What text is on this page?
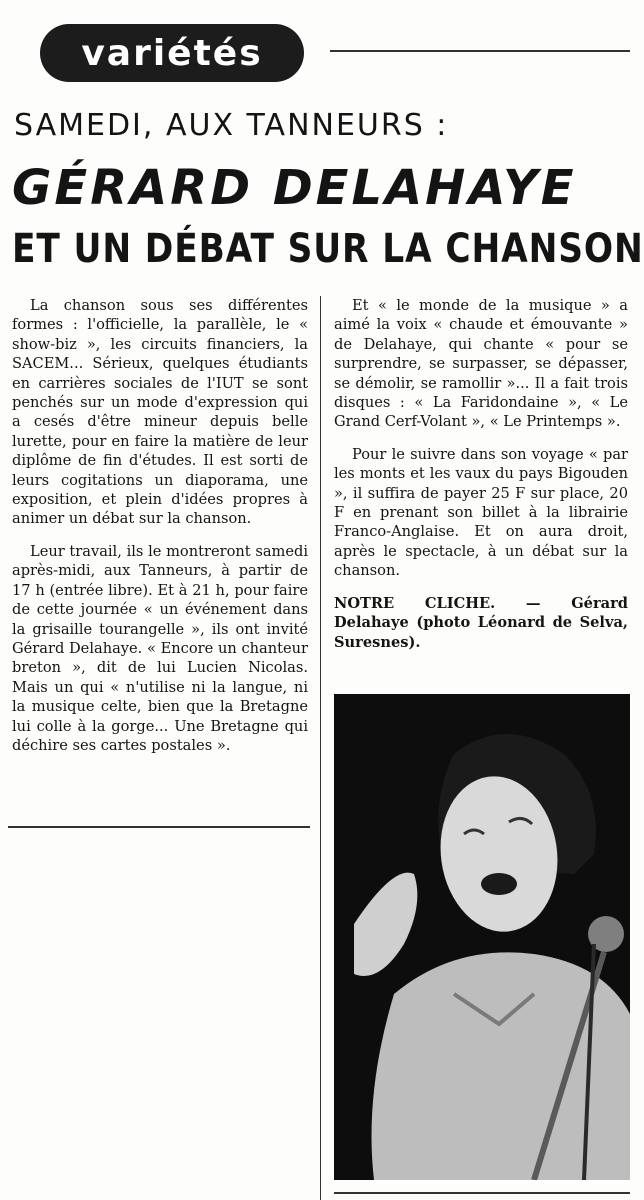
variétés
SAMEDI, AUX TANNEURS :
GÉRARD DELAHAYE
ET UN DÉBAT SUR LA CHANSON

La chanson sous ses différentes formes : l'officielle, la parallèle, le « show-biz », les circuits financiers, la SACEM... Sérieux, quelques étudiants en carrières sociales de l'IUT se sont penchés sur un mode d'expression qui a cesés d'être mineur depuis belle lurette, pour en faire la matière de leur diplôme de fin d'études. Il est sorti de leurs cogitations un diaporama, une exposition, et plein d'idées propres à animer un débat sur la chanson.

Leur travail, ils le montreront samedi après-midi, aux Tanneurs, à partir de 17 h (entrée libre). Et à 21 h, pour faire de cette journée « un événement dans la grisaille tourangelle », ils ont invité Gérard Delahaye. « Encore un chanteur breton », dit de lui Lucien Nicolas. Mais un qui « n'utilise ni la langue, ni la musique celte, bien que la Bretagne lui colle à la gorge... Une Bretagne qui déchire ses cartes postales ».

Et « le monde de la musique » a aimé la voix « chaude et émouvante » de Delahaye, qui chante « pour se surprendre, se surpasser, se dépasser, se démolir, se ramollir »... Il a fait trois disques : « La Faridondaine », « Le Grand Cerf-Volant », « Le Printemps ».

Pour le suivre dans son voyage « par les monts et les vaux du pays Bigouden », il suffira de payer 25 F sur place, 20 F en prenant son billet à la librairie Franco-Anglaise. Et on aura droit, après le spectacle, à un débat sur la chanson.

NOTRE CLICHE. — Gérard Delahaye (photo Léonard de Selva, Suresnes).
